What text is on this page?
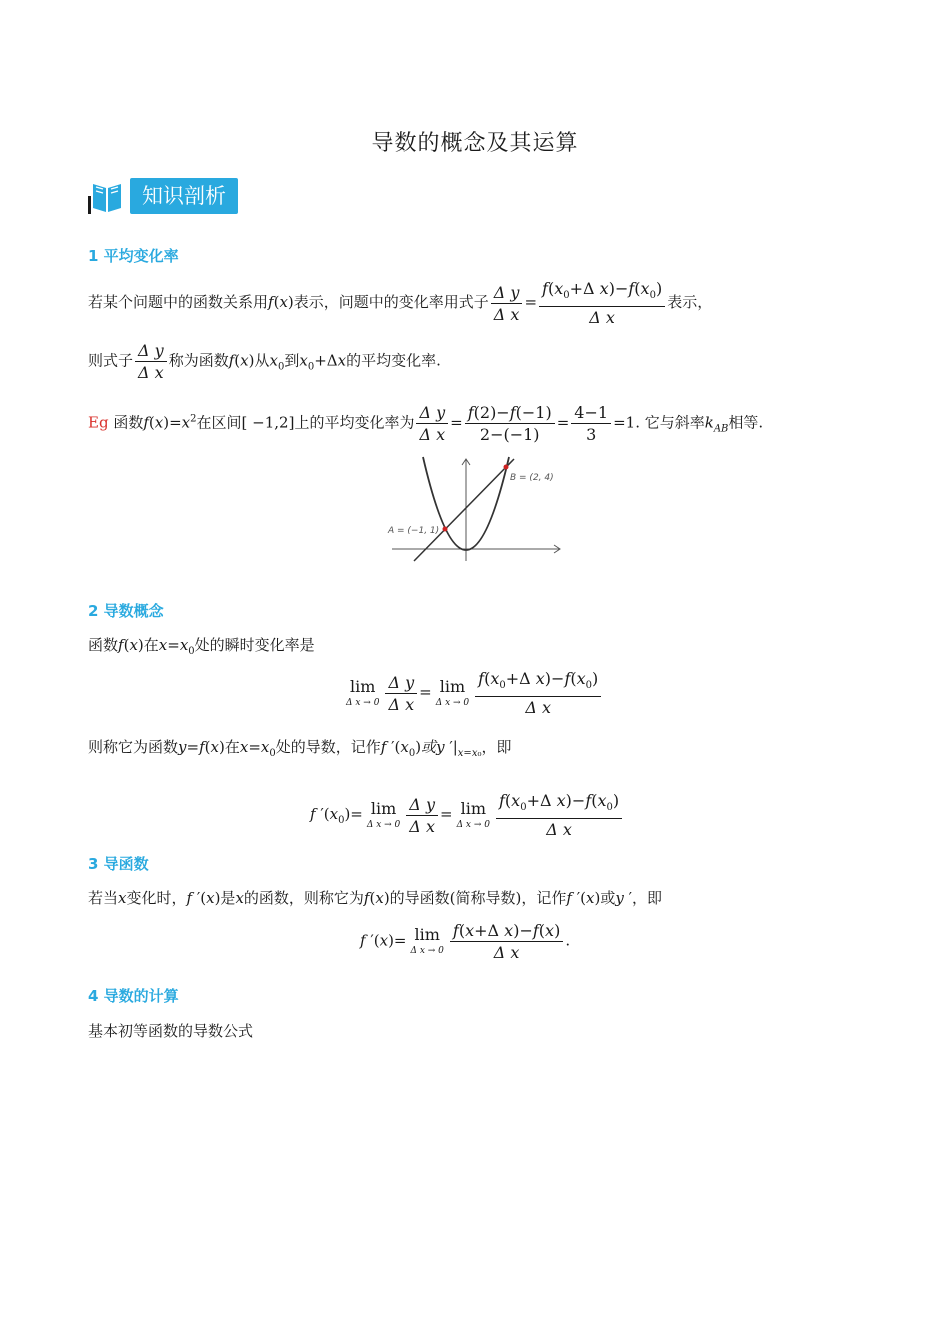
导数的概念及其运算
知识剖析
1 平均变化率
若某个问题中的函数关系用f(x)表示，问题中的变化率用式子 $\frac{\text{Δ y}}{\text{Δ x}} = \frac{f(x_0+\Delta x)-f(x_0)}{\text{Δ x}}$ 表示，
则式子 $\frac{\text{Δ y}}{\text{Δ x}}$ 称为函数f(x)从$x_0$到$x_0+\Delta x$的平均变化率.
Eg 函数$f(x)=x^2$在区间[ −1,2]上的平均变化率为 $\frac{\text{Δ y}}{\text{Δ x}} = \frac{f(2)-f(-1)}{2-(-1)} = \frac{4-1}{3} =1$. 它与斜率$k_{AB}$相等.
A = (−1, 1)
B = (2, 4)
2 导数概念
函数f(x)在$x=x_0$处的瞬时变化率是
lim
Δ $x \to 0 \frac{\text{Δ y}}{\text{Δ x}} = \lim$
Δ $x \to 0 \frac{f(x_0+\Delta x)-f(x_0)}{\text{Δ x}}$
则称它为函数y=f(x)在$x=x_0$处的导数，记作f $'(x_0)$或y $'|_{x=x_0}$，即
f $'(x_0)= \lim$
Δ $x \to 0 \frac{\text{Δ y}}{\text{Δ x}} = \lim$
Δ $x \to 0 \frac{f(x_0+\Delta x)-f(x_0)}{\text{Δ x}}$
3 导函数
若当x变化时，f ′(x)是x的函数，则称它为f(x)的导函数(简称导数)，记作f ′(x)或y ′，即
f ′(x)= lim
Δ $x \to 0 \frac{\text{f(x+Δ x)−f(x)}}{\text{Δ x}}$ .
4 导数的计算
基本初等函数的导数公式
